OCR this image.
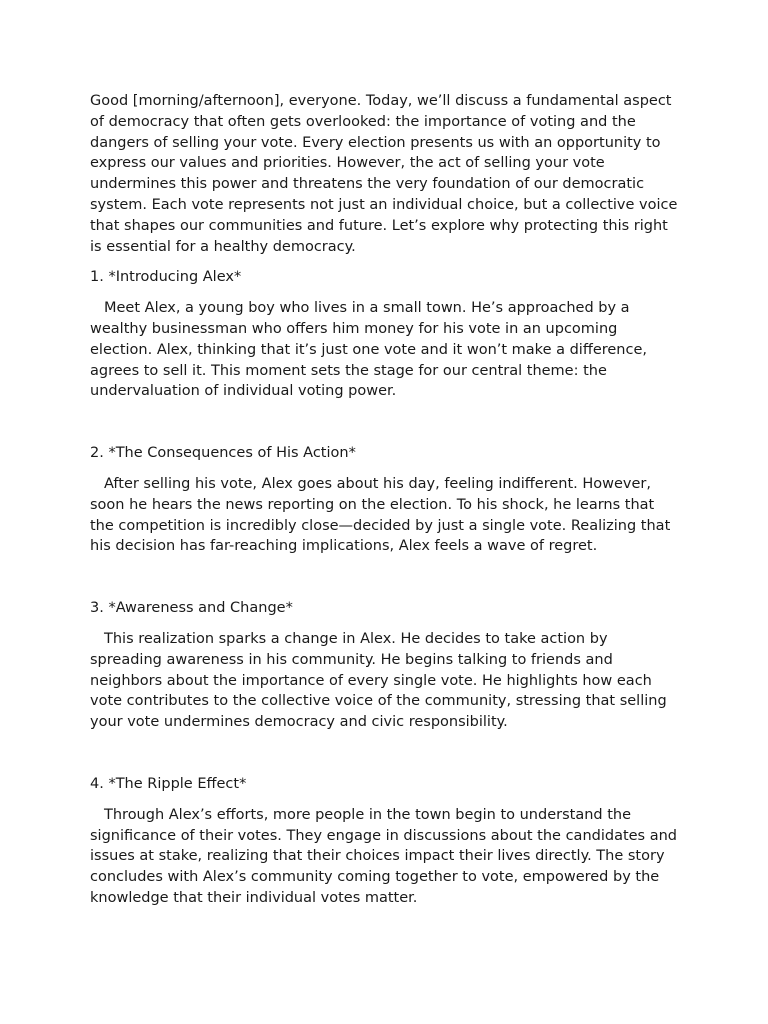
Good [morning/afternoon], everyone. Today, we’ll discuss a fundamental aspect of democracy that often gets overlooked: the importance of voting and the dangers of selling your vote. Every election presents us with an opportunity to express our values and priorities. However, the act of selling your vote undermines this power and threatens the very foundation of our democratic system. Each vote represents not just an individual choice, but a collective voice that shapes our communities and future. Let’s explore why protecting this right is essential for a healthy democracy.

1. *Introducing Alex*

Meet Alex, a young boy who lives in a small town. He’s approached by a wealthy businessman who offers him money for his vote in an upcoming election. Alex, thinking that it’s just one vote and it won’t make a difference, agrees to sell it. This moment sets the stage for our central theme: the undervaluation of individual voting power.

2. *The Consequences of His Action*

After selling his vote, Alex goes about his day, feeling indifferent. However, soon he hears the news reporting on the election. To his shock, he learns that the competition is incredibly close—decided by just a single vote. Realizing that his decision has far-reaching implications, Alex feels a wave of regret.

3. *Awareness and Change*

This realization sparks a change in Alex. He decides to take action by spreading awareness in his community. He begins talking to friends and neighbors about the importance of every single vote. He highlights how each vote contributes to the collective voice of the community, stressing that selling your vote undermines democracy and civic responsibility.

4. *The Ripple Effect*

Through Alex’s efforts, more people in the town begin to understand the significance of their votes. They engage in discussions about the candidates and issues at stake, realizing that their choices impact their lives directly. The story concludes with Alex’s community coming together to vote, empowered by the knowledge that their individual votes matter.
